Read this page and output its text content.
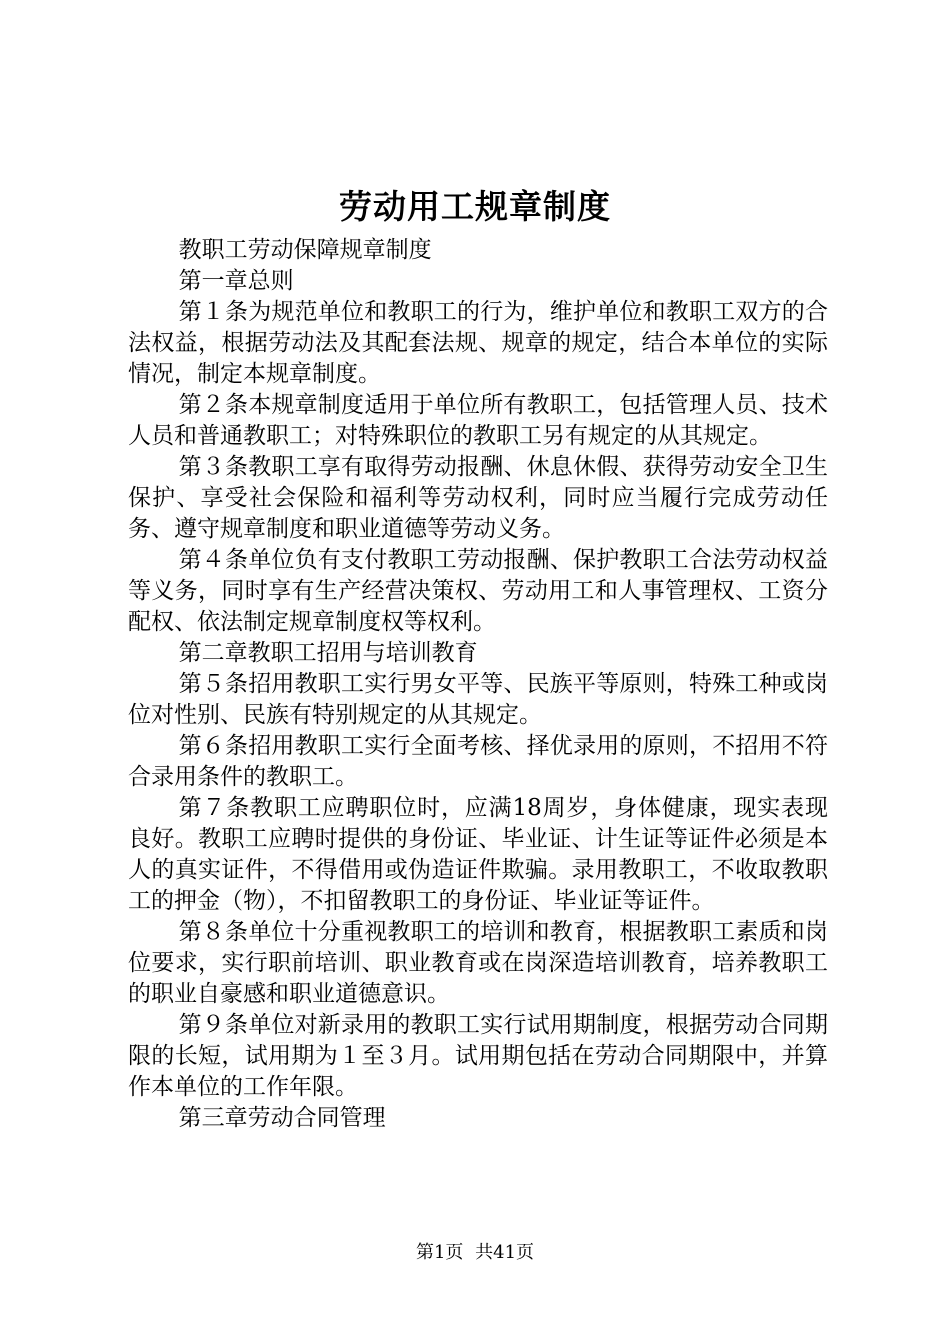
劳动用工规章制度

教职工劳动保障规章制度

第一章总则

第１条为规范单位和教职工的行为，维护单位和教职工双方的合法权益，根据劳动法及其配套法规、规章的规定，结合本单位的实际情况，制定本规章制度。

第２条本规章制度适用于单位所有教职工，包括管理人员、技术人员和普通教职工；对特殊职位的教职工另有规定的从其规定。

第３条教职工享有取得劳动报酬、休息休假、获得劳动安全卫生保护、享受社会保险和福利等劳动权利，同时应当履行完成劳动任务、遵守规章制度和职业道德等劳动义务。

第４条单位负有支付教职工劳动报酬、保护教职工合法劳动权益等义务，同时享有生产经营决策权、劳动用工和人事管理权、工资分配权、依法制定规章制度权等权利。

第二章教职工招用与培训教育

第５条招用教职工实行男女平等、民族平等原则，特殊工种或岗位对性别、民族有特别规定的从其规定。

第６条招用教职工实行全面考核、择优录用的原则，不招用不符合录用条件的教职工。

第７条教职工应聘职位时，应满18周岁，身体健康，现实表现良好。教职工应聘时提供的身份证、毕业证、计生证等证件必须是本人的真实证件，不得借用或伪造证件欺骗。录用教职工，不收取教职工的押金（物），不扣留教职工的身份证、毕业证等证件。

第８条单位十分重视教职工的培训和教育，根据教职工素质和岗位要求，实行职前培训、职业教育或在岗深造培训教育，培养教职工的职业自豪感和职业道德意识。

第９条单位对新录用的教职工实行试用期制度，根据劳动合同期限的长短，试用期为１至３月。试用期包括在劳动合同期限中，并算作本单位的工作年限。

第三章劳动合同管理

第1页 共41页
